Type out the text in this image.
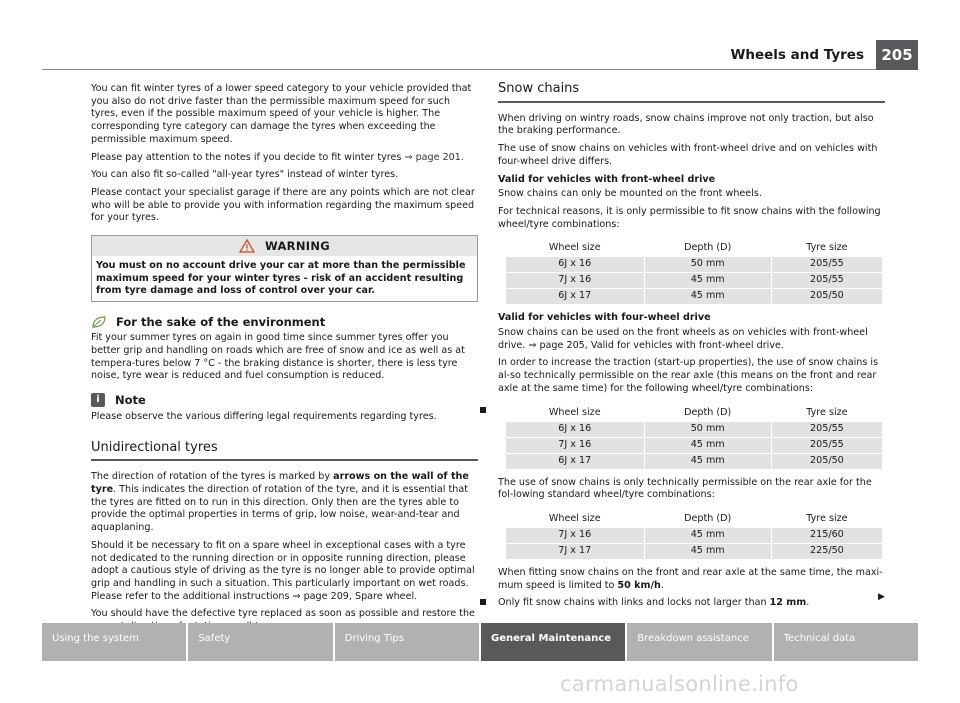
Wheels and Tyres	205

You can fit winter tyres of a lower speed category to your vehicle provided that you also do not drive faster than the permissible maximum speed for such tyres, even if the possible maximum speed of your vehicle is higher. The corresponding tyre category can damage the tyres when exceeding the permissible maximum speed.

Please pay attention to the notes if you decide to fit winter tyres ⇒ page 201.

You can also fit so-called "all-year tyres" instead of winter tyres.

Please contact your specialist garage if there are any points which are not clear who will be able to provide you with information regarding the maximum speed for your tyres.

WARNING
You must on no account drive your car at more than the permissible maximum speed for your winter tyres - risk of an accident resulting from tyre damage and loss of control over your car.
For the sake of the environment

Fit your summer tyres on again in good time since summer tyres offer you better grip and handling on roads which are free of snow and ice as well as at tempera-tures below 7 °C - the braking distance is shorter, there is less tyre noise, tyre wear is reduced and fuel consumption is reduced.

i	Note

Please observe the various differing legal requirements regarding tyres.

Unidirectional tyres

The direction of rotation of the tyres is marked by arrows on the wall of the tyre. This indicates the direction of rotation of the tyre, and it is essential that the tyres are fitted on to run in this direction. Only then are the tyres able to provide the optimal properties in terms of grip, low noise, wear-and-tear and aquaplaning.

Should it be necessary to fit on a spare wheel in exceptional cases with a tyre not dedicated to the running direction or in opposite running direction, please adopt a cautious style of driving as the tyre is no longer able to provide optimal grip and handling in such a situation. This particularly important on wet roads. Please refer to the additional instructions ⇒ page 209, Spare wheel.

You should have the defective tyre replaced as soon as possible and restore the

Snow chains

When driving on wintry roads, snow chains improve not only traction, but also the braking performance.

The use of snow chains on vehicles with front-wheel drive and on vehicles with four-wheel drive differs.

Valid for vehicles with front-wheel drive

Snow chains can only be mounted on the front wheels.

For technical reasons, it is only permissible to fit snow chains with the following wheel/tyre combinations:

Wheel size	Depth (D)	Tyre size
6J x 16	50 mm	205/55
7J x 16	45 mm	205/55
6J x 17	45 mm	205/50

Valid for vehicles with four-wheel drive

Snow chains can be used on the front wheels as on vehicles with front-wheel drive. ⇒ page 205, Valid for vehicles with front-wheel drive.

In order to increase the traction (start-up properties), the use of snow chains is al-so technically permissible on the rear axle (this means on the front and rear axle at the same time) for the following wheel/tyre combinations:

Wheel size	Depth (D)	Tyre size
6J x 16	50 mm	205/55
7J x 16	45 mm	205/55
6J x 17	45 mm	205/50

The use of snow chains is only technically permissible on the rear axle for the fol-lowing standard wheel/tyre combinations:

Wheel size	Depth (D)	Tyre size
7J x 16	45 mm	215/60
7J x 17	45 mm	225/50

When fitting snow chains on the front and rear axle at the same time, the maxi-mum speed is limited to 50 km/h.

Only fit snow chains with links and locks not larger than 12 mm.

▶
Using the system	Safety	Driving Tips	General Maintenance	Breakdown assistance	Technical data
carmanualsonline.info
